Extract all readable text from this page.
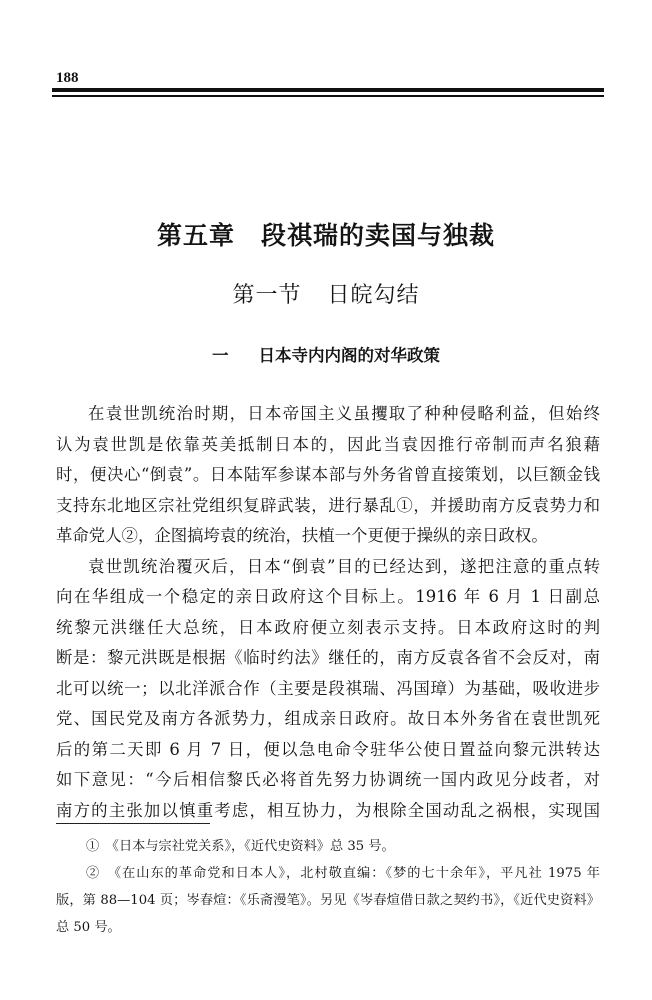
188
第五章 段祺瑞的卖国与独裁
第一节 日皖勾结
一 日本寺内内阁的对华政策
在袁世凯统治时期，日本帝国主义虽攫取了种种侵略利益，但始终
认为袁世凯是依靠英美抵制日本的，因此当袁因推行帝制而声名狼藉
时，便决心“倒袁”。日本陆军参谋本部与外务省曾直接策划，以巨额金钱
支持东北地区宗社党组织复辟武装，进行暴乱①，并援助南方反袁势力和
革命党人②，企图搞垮袁的统治，扶植一个更便于操纵的亲日政权。
袁世凯统治覆灭后，日本“倒袁”目的已经达到，遂把注意的重点转
向在华组成一个稳定的亲日政府这个目标上。1916 年 6 月 1 日副总
统黎元洪继任大总统，日本政府便立刻表示支持。日本政府这时的判
断是：黎元洪既是根据《临时约法》继任的，南方反袁各省不会反对，南
北可以统一；以北洋派合作（主要是段祺瑞、冯国璋）为基础，吸收进步
党、国民党及南方各派势力，组成亲日政府。故日本外务省在袁世凯死
后的第二天即 6 月 7 日，便以急电命令驻华公使日置益向黎元洪转达
如下意见：“今后相信黎氏必将首先努力协调统一国内政见分歧者，对
南方的主张加以慎重考虑，相互协力，为根除全国动乱之祸根，实现国
①　《日本与宗社党关系》，《近代史资料》总 35 号。
②　《在山东的革命党和日本人》，北村敬直编：《梦的七十余年》，平凡社 1975 年
版，第 88—104 页；岑春煊：《乐斋漫笔》。另见《岑春煊借日款之契约书》，《近代史资料》
总 50 号。
